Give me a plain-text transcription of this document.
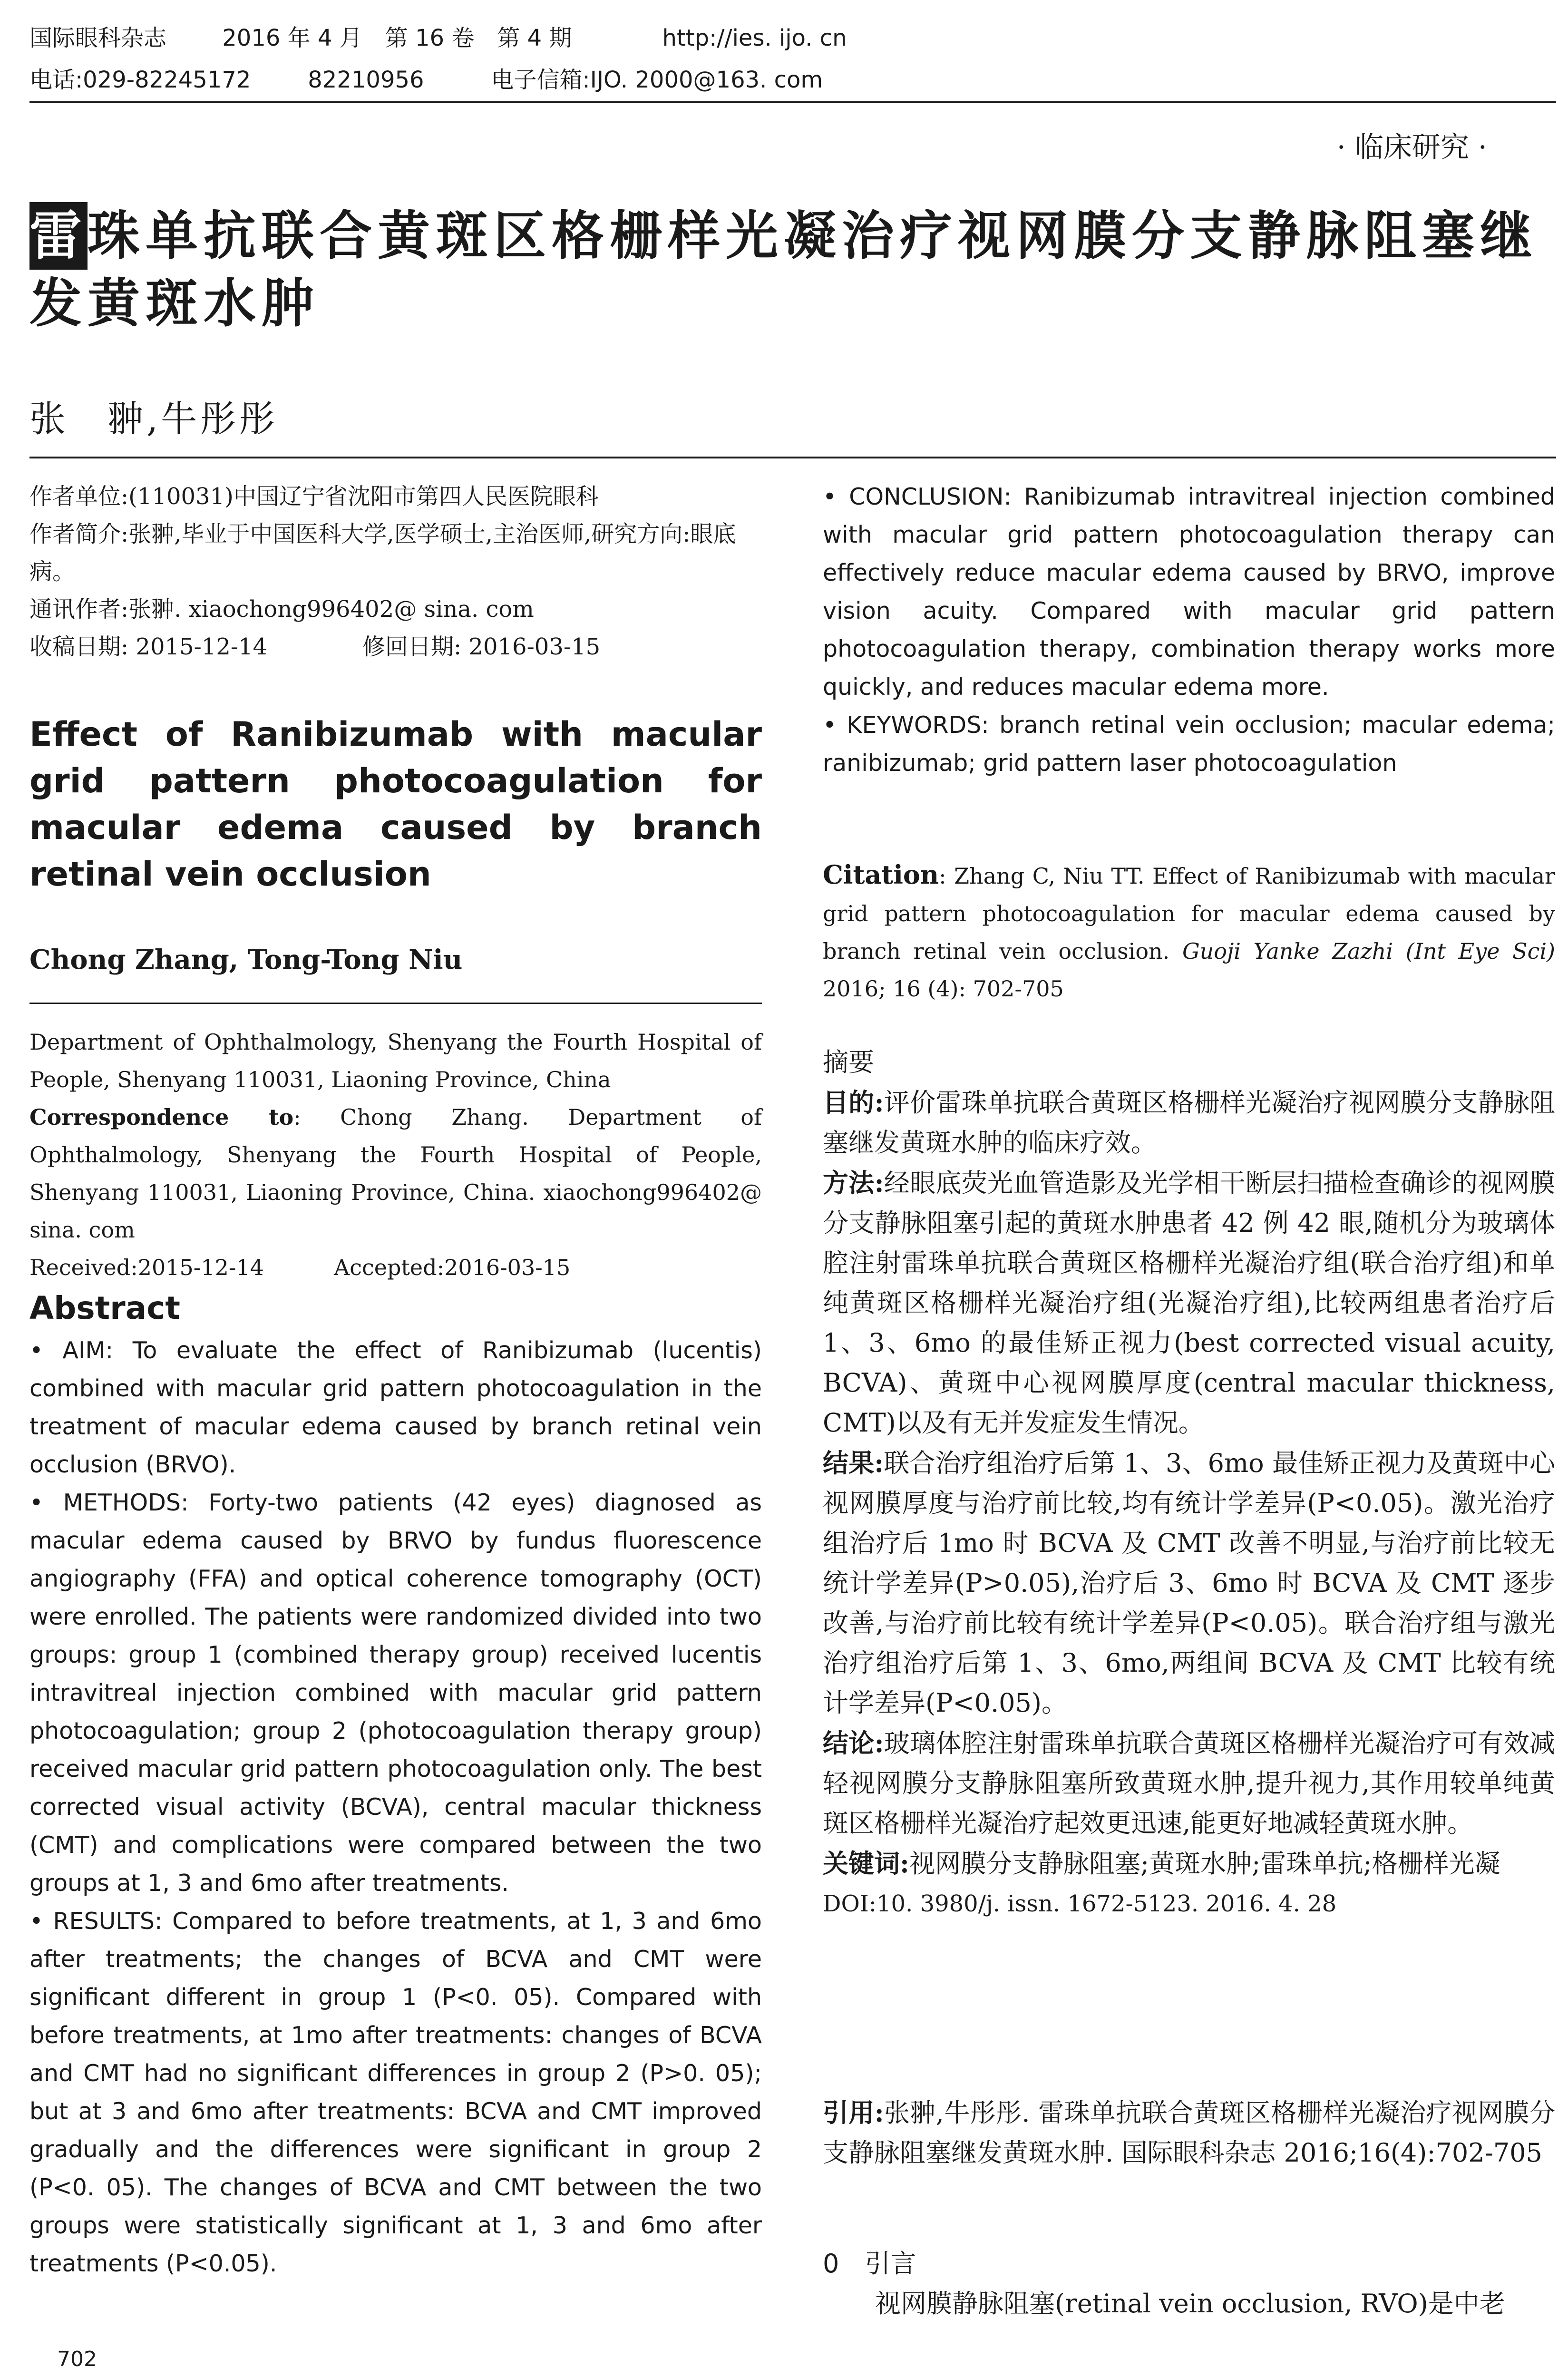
国际眼科杂志 2016 年 4 月　第 16 卷　第 4 期	http://ies. ijo. cn
电话:029-82245172 82210956	电子信箱:IJO. 2000@163. com
· 临床研究 ·
雷珠单抗联合黄斑区格栅样光凝治疗视网膜分支静脉阻塞继发黄斑水肿
张　翀,牛彤彤
作者单位:(110031)中国辽宁省沈阳市第四人民医院眼科
作者简介:张翀,毕业于中国医科大学,医学硕士,主治医师,研究方向:眼底病。
通讯作者:张翀. xiaochong996402@ sina. com
收稿日期: 2015-12-14	修回日期: 2016-03-15
Effect of Ranibizumab with macular grid pattern photocoagulation for macular edema caused by branch retinal vein occlusion
Chong Zhang, Tong-Tong Niu
Department of Ophthalmology, Shenyang the Fourth Hospital of People, Shenyang 110031, Liaoning Province, China
Correspondence to: Chong Zhang. Department of Ophthalmology, Shenyang the Fourth Hospital of People, Shenyang 110031, Liaoning Province, China. xiaochong996402@ sina. com
Received:2015-12-14	Accepted:2016-03-15
Abstract

• AIM: To evaluate the effect of Ranibizumab (lucentis) combined with macular grid pattern photocoagulation in the treatment of macular edema caused by branch retinal vein occlusion (BRVO).

• METHODS: Forty-two patients (42 eyes) diagnosed as macular edema caused by BRVO by fundus fluorescence angiography (FFA) and optical coherence tomography (OCT) were enrolled. The patients were randomized divided into two groups: group 1 (combined therapy group) received lucentis intravitreal injection combined with macular grid pattern photocoagulation; group 2 (photocoagulation therapy group) received macular grid pattern photocoagulation only. The best corrected visual activity (BCVA), central macular thickness (CMT) and complications were compared between the two groups at 1, 3 and 6mo after treatments.

• RESULTS: Compared to before treatments, at 1, 3 and 6mo after treatments; the changes of BCVA and CMT were significant different in group 1 (P<0. 05). Compared with before treatments, at 1mo after treatments: changes of BCVA and CMT had no significant differences in group 2 (P>0. 05); but at 3 and 6mo after treatments: BCVA and CMT improved gradually and the differences were significant in group 2 (P<0. 05). The changes of BCVA and CMT between the two groups were statistically significant at 1, 3 and 6mo after treatments (P<0.05).

702

• CONCLUSION: Ranibizumab intravitreal injection combined with macular grid pattern photocoagulation therapy can effectively reduce macular edema caused by BRVO, improve vision acuity. Compared with macular grid pattern photocoagulation therapy, combination therapy works more quickly, and reduces macular edema more.

• KEYWORDS: branch retinal vein occlusion; macular edema; ranibizumab; grid pattern laser photocoagulation

Citation: Zhang C, Niu TT. Effect of Ranibizumab with macular grid pattern photocoagulation for macular edema caused by branch retinal vein occlusion. Guoji Yanke Zazhi (Int Eye Sci) 2016; 16 (4): 702-705

摘要

目的:评价雷珠单抗联合黄斑区格栅样光凝治疗视网膜分支静脉阻塞继发黄斑水肿的临床疗效。

方法:经眼底荧光血管造影及光学相干断层扫描检查确诊的视网膜分支静脉阻塞引起的黄斑水肿患者 42 例 42 眼,随机分为玻璃体腔注射雷珠单抗联合黄斑区格栅样光凝治疗组(联合治疗组)和单纯黄斑区格栅样光凝治疗组(光凝治疗组),比较两组患者治疗后 1、3、6mo 的最佳矫正视力(best corrected visual acuity, BCVA)、黄斑中心视网膜厚度(central macular thickness, CMT)以及有无并发症发生情况。

结果:联合治疗组治疗后第 1、3、6mo 最佳矫正视力及黄斑中心视网膜厚度与治疗前比较,均有统计学差异(P<0.05)。激光治疗组治疗后 1mo 时 BCVA 及 CMT 改善不明显,与治疗前比较无统计学差异(P>0.05),治疗后 3、6mo 时 BCVA 及 CMT 逐步改善,与治疗前比较有统计学差异(P<0.05)。联合治疗组与激光治疗组治疗后第 1、3、6mo,两组间 BCVA 及 CMT 比较有统计学差异(P<0.05)。

结论:玻璃体腔注射雷珠单抗联合黄斑区格栅样光凝治疗可有效减轻视网膜分支静脉阻塞所致黄斑水肿,提升视力,其作用较单纯黄斑区格栅样光凝治疗起效更迅速,能更好地减轻黄斑水肿。

关键词:视网膜分支静脉阻塞;黄斑水肿;雷珠单抗;格栅样光凝

DOI:10. 3980/j. issn. 1672-5123. 2016. 4. 28

引用:张翀,牛彤彤. 雷珠单抗联合黄斑区格栅样光凝治疗视网膜分支静脉阻塞继发黄斑水肿. 国际眼科杂志 2016;16(4):702-705
0　引言
视网膜静脉阻塞(retinal vein occlusion, RVO)是中老
